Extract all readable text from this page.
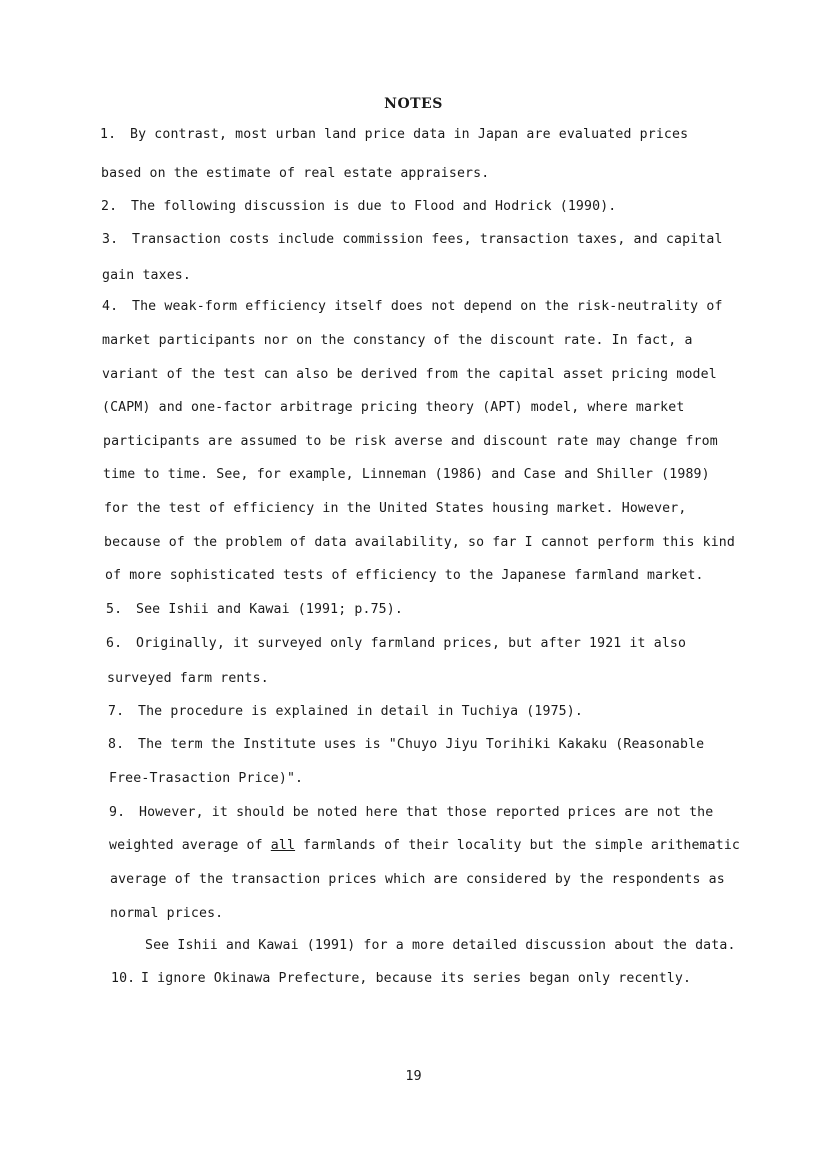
NOTES
1. By contrast, most urban land price data in Japan are evaluated prices
based on the estimate of real estate appraisers.
2. The following discussion is due to Flood and Hodrick (1990).
3. Transaction costs include commission fees, transaction taxes, and capital
gain taxes.
4. The weak-form efficiency itself does not depend on the risk-neutrality of
market participants nor on the constancy of the discount rate. In fact, a
variant of the test can also be derived from the capital asset pricing model
(CAPM) and one-factor arbitrage pricing theory (APT) model, where market
participants are assumed to be risk averse and discount rate may change from
time to time. See, for example, Linneman (1986) and Case and Shiller (1989)
for the test of efficiency in the United States housing market. However,
because of the problem of data availability, so far I cannot perform this kind
of more sophisticated tests of efficiency to the Japanese farmland market.
5. See Ishii and Kawai (1991; p.75).
6. Originally, it surveyed only farmland prices, but after 1921 it also
surveyed farm rents.
7. The procedure is explained in detail in Tuchiya (1975).
8. The term the Institute uses is "Chuyo Jiyu Torihiki Kakaku (Reasonable
Free-Trasaction Price)".
9. However, it should be noted here that those reported prices are not the
weighted average of all farmlands of their locality but the simple arithematic
average of the transaction prices which are considered by the respondents as
normal prices.
See Ishii and Kawai (1991) for a more detailed discussion about the data.
10. I ignore Okinawa Prefecture, because its series began only recently.
19
